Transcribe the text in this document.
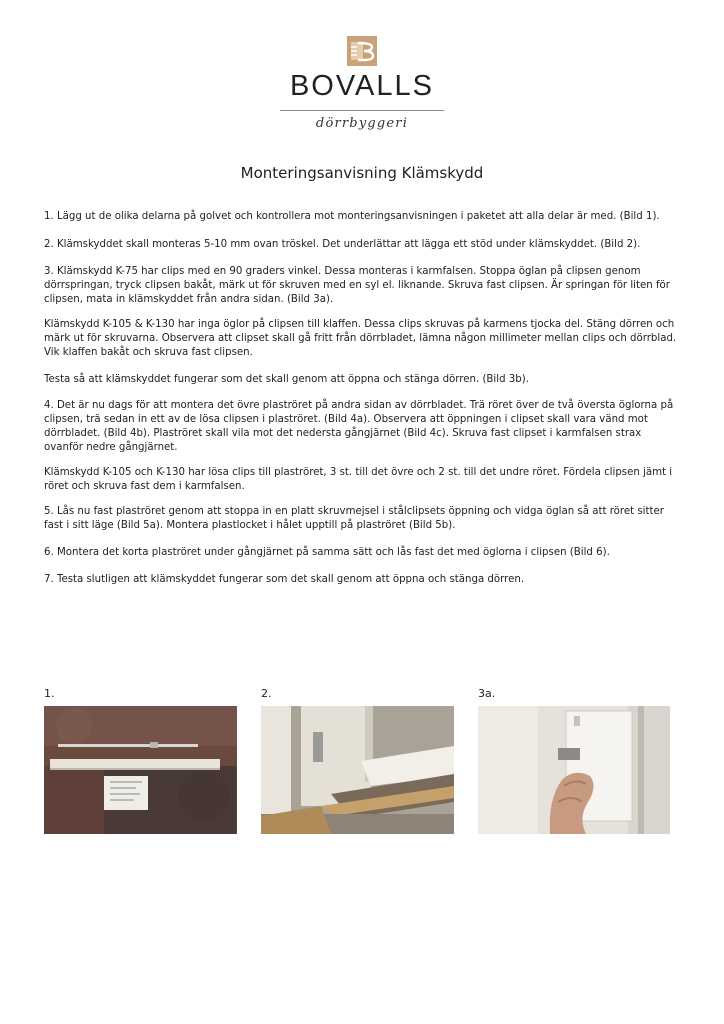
BOVALLS
dörrbyggeri
Monteringsanvisning Klämskydd
1. Lägg ut de olika delarna på golvet och kontrollera mot monteringsanvisningen i paketet att alla delar är med. (Bild 1).
2. Klämskyddet skall monteras 5-10 mm ovan tröskel. Det underlättar att lägga ett stöd under klämskyddet. (Bild 2).
3. Klämskydd K-75 har clips med en 90 graders vinkel. Dessa monteras i karmfalsen. Stoppa öglan på clipsen genom dörrspringan, tryck clipsen bakåt, märk ut för skruven med en syl el. liknande. Skruva fast clipsen. Är springan för liten för clipsen, mata in klämskyddet från andra sidan. (Bild 3a).
Klämskydd K-105 & K-130 har inga öglor på clipsen till klaffen. Dessa clips skruvas på karmens tjocka del. Stäng dörren och märk ut för skruvarna. Observera att clipset skall gå fritt från dörrbladet, lämna någon millimeter mellan clips och dörrblad. Vik klaffen bakåt och skruva fast clipsen.
Testa så att klämskyddet fungerar som det skall genom att öppna och stänga dörren. (Bild 3b).
4. Det är nu dags för att montera det övre plaströret på andra sidan av dörrbladet. Trä röret över de två översta öglorna på clipsen, trä sedan in ett av de lösa clipsen i plaströret. (Bild 4a). Observera att öppningen i clipset skall vara vänd mot dörrbladet. (Bild 4b). Plaströret skall vila mot det nedersta gångjärnet (Bild 4c). Skruva fast clipset i karmfalsen strax ovanför nedre gångjärnet.
Klämskydd K-105 och K-130 har lösa clips till plaströret, 3 st. till det övre och 2 st. till det undre röret. Fördela clipsen jämt i röret och skruva fast dem i karmfalsen.
5. Lås nu fast plaströret genom att stoppa in en platt skruvmejsel i stålclipsets öppning och vidga öglan så att röret sitter fast i sitt läge (Bild 5a). Montera plastlocket i hålet upptill på plaströret (Bild 5b).
6. Montera det korta plaströret under gångjärnet på samma sätt och lås fast det med öglorna i clipsen (Bild 6).
7. Testa slutligen att klämskyddet fungerar som det skall genom att öppna och stänga dörren.
1.	2.	3a.
